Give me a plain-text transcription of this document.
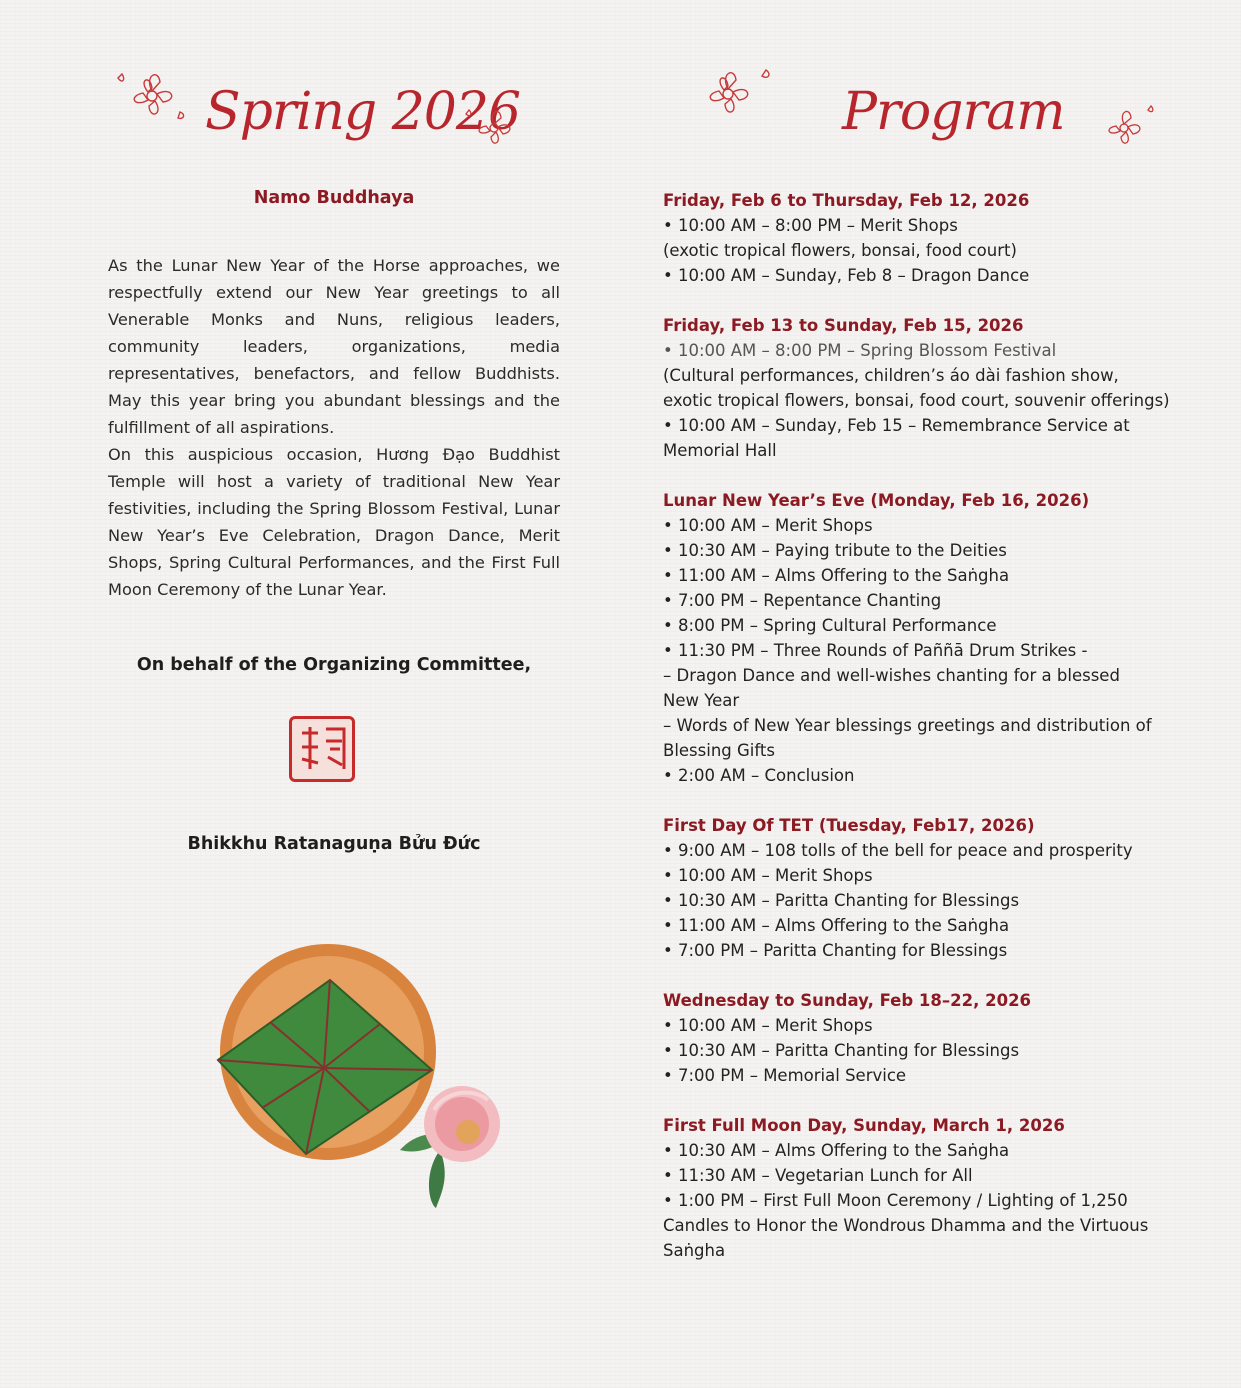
Spring 2026	Program
Namo Buddhaya

As the Lunar New Year of the Horse approaches, we respectfully extend our New Year greetings to all Venerable Monks and Nuns, religious leaders, community leaders, organizations, media representatives, benefactors, and fellow Buddhists. May this year bring you abundant blessings and the fulfillment of all aspirations.

On this auspicious occasion, Hương Đạo Buddhist Temple will host a variety of traditional New Year festivities, including the Spring Blossom Festival, Lunar New Year’s Eve Celebration, Dragon Dance, Merit Shops, Spring Cultural Performances, and the First Full Moon Ceremony of the Lunar Year.

On behalf of the Organizing Committee,
Bhikkhu Ratanaguṇa Bửu Đức
Friday, Feb 6 to Thursday, Feb 12, 2026
• 10:00 AM – 8:00 PM – Merit Shops
(exotic tropical flowers, bonsai, food court)
• 10:00 AM – Sunday, Feb 8 – Dragon Dance
Friday, Feb 13 to Sunday, Feb 15, 2026
• 10:00 AM – 8:00 PM – Spring Blossom Festival
(Cultural performances, children’s áo dài fashion show,
exotic tropical flowers, bonsai, food court, souvenir offerings)
• 10:00 AM – Sunday, Feb 15 – Remembrance Service at
Memorial Hall
Lunar New Year’s Eve (Monday, Feb 16, 2026)
• 10:00 AM – Merit Shops
• 10:30 AM – Paying tribute to the Deities
• 11:00 AM – Alms Offering to the Saṅgha
• 7:00 PM – Repentance Chanting
• 8:00 PM – Spring Cultural Performance
• 11:30 PM – Three Rounds of Paññā Drum Strikes -
– Dragon Dance and well-wishes chanting for a blessed
New Year
– Words of New Year blessings greetings and distribution of
Blessing Gifts
• 2:00 AM – Conclusion
First Day Of TET (Tuesday, Feb17, 2026)
• 9:00 AM – 108 tolls of the bell for peace and prosperity
• 10:00 AM – Merit Shops
• 10:30 AM – Paritta Chanting for Blessings
• 11:00 AM – Alms Offering to the Saṅgha
• 7:00 PM – Paritta Chanting for Blessings
Wednesday to Sunday, Feb 18–22, 2026
• 10:00 AM – Merit Shops
• 10:30 AM – Paritta Chanting for Blessings
• 7:00 PM – Memorial Service
First Full Moon Day, Sunday, March 1, 2026
• 10:30 AM – Alms Offering to the Saṅgha
• 11:30 AM – Vegetarian Lunch for All
• 1:00 PM – First Full Moon Ceremony / Lighting of 1,250
Candles to Honor the Wondrous Dhamma and the Virtuous
Saṅgha
